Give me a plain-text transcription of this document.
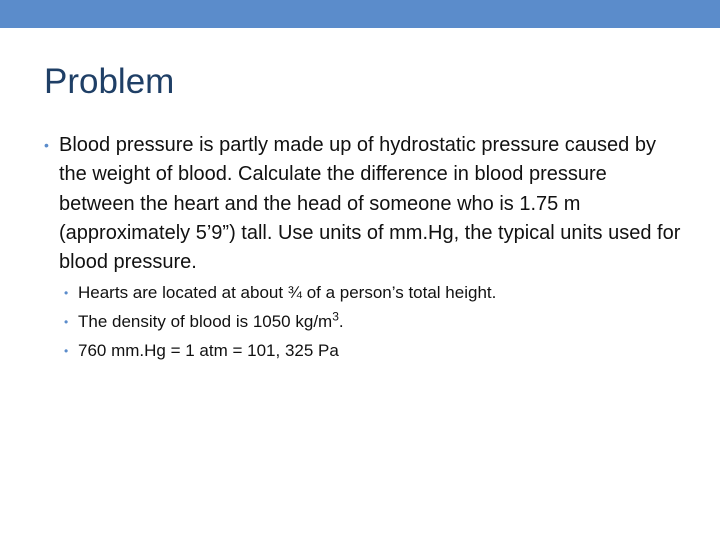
Problem
• Blood pressure is partly made up of hydrostatic pressure caused by the weight of blood. Calculate the difference in blood pressure between the heart and the head of someone who is 1.75 m (approximately 5’9”) tall. Use units of mm.Hg, the typical units used for blood pressure.
• Hearts are located at about ¾ of a person’s total height.
• The density of blood is 1050 $kg/m^3$.
• 760 mm.Hg = 1 atm = 101, 325 Pa
